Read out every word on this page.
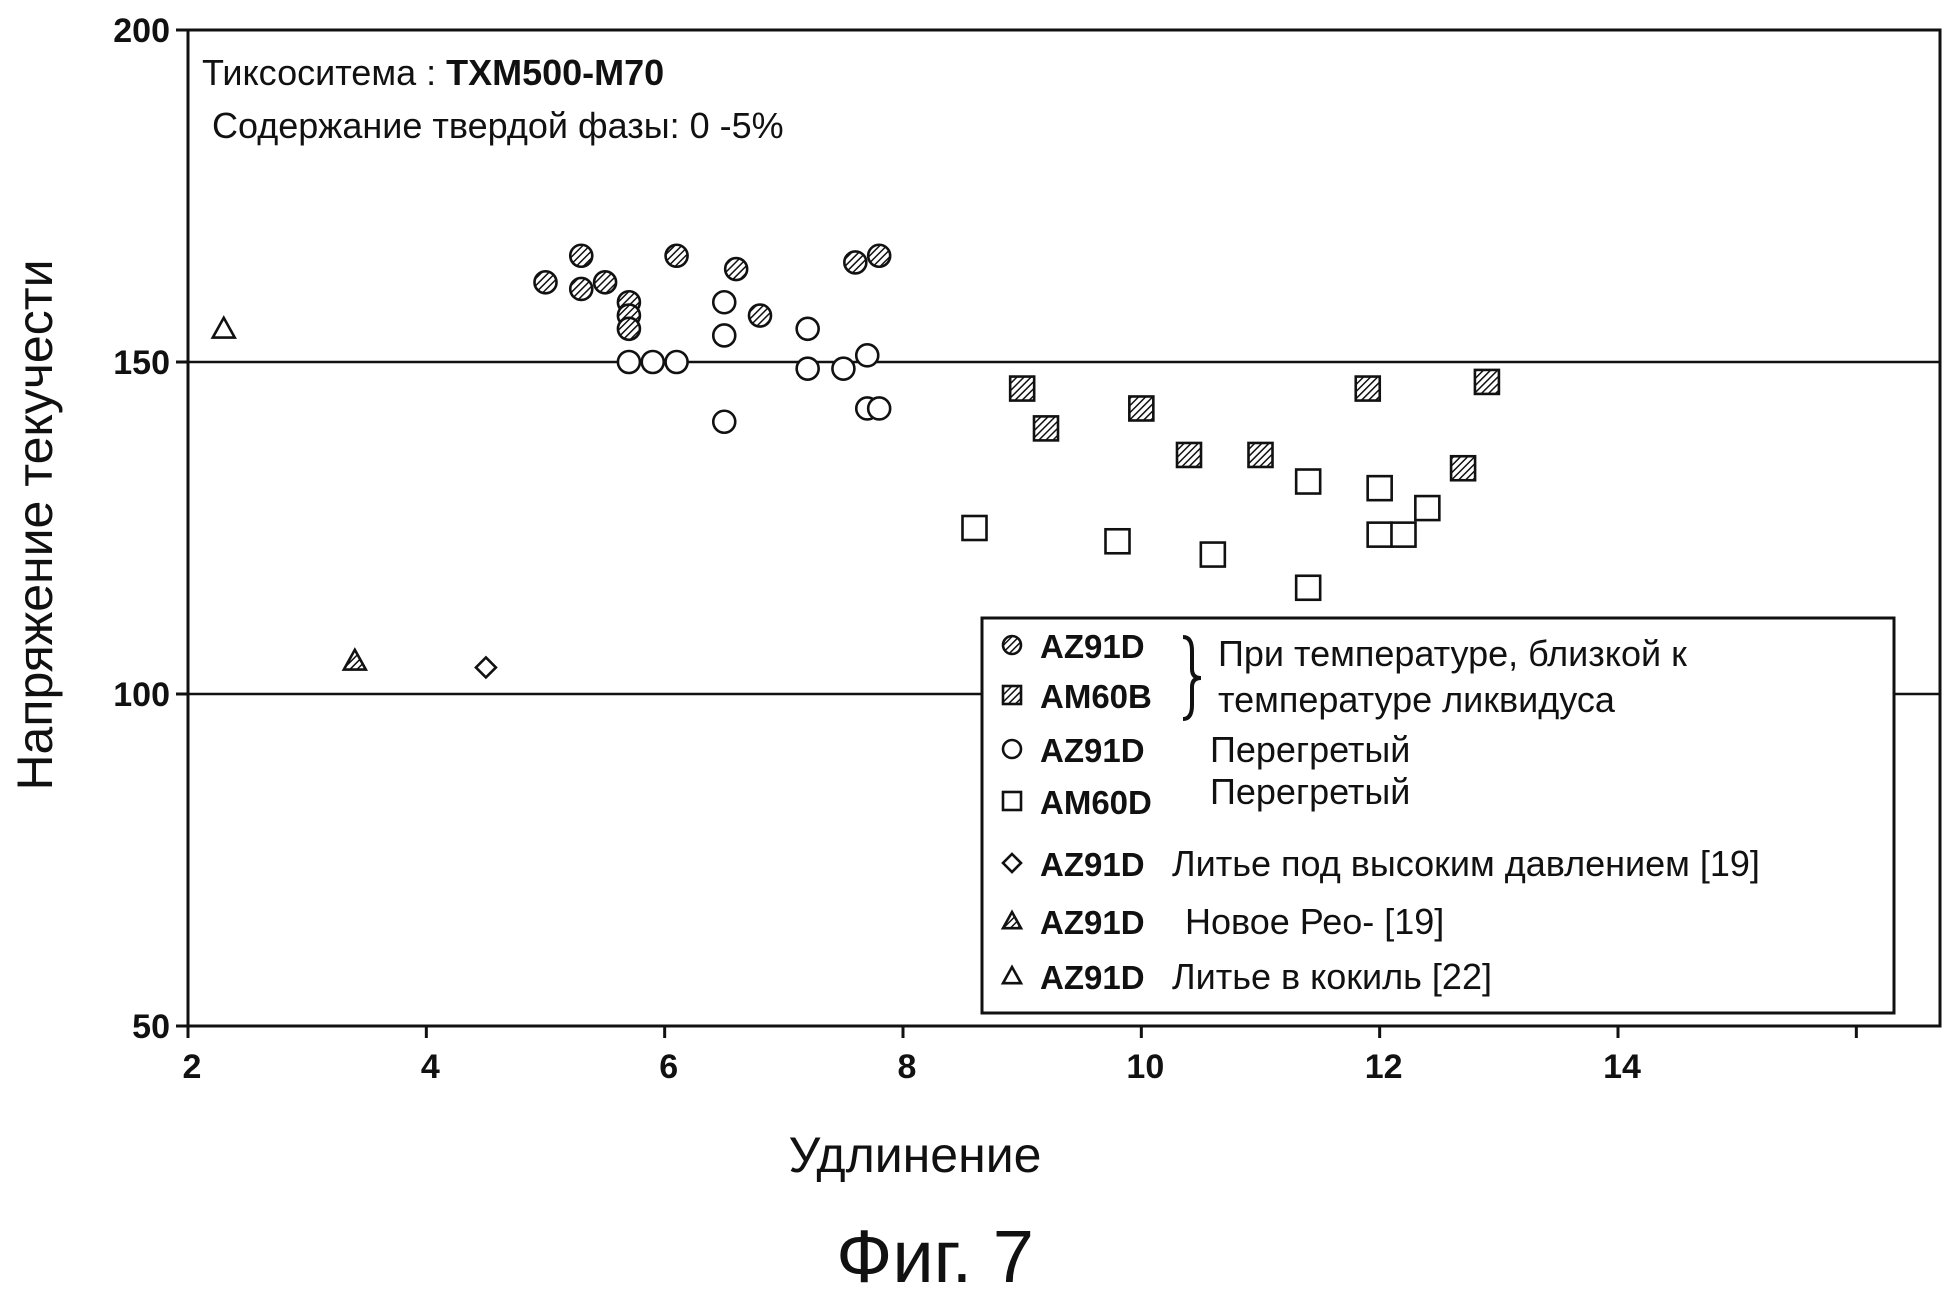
2	4	6	8	10	12	14
50
100
150
200
Тиксоситема : TXM500-M70
Содержание твердой фазы: 0 -5%
AZ91D
AM60B
AZ91D Перегретый
AM60D Перегретый
AZ91D Литье под высоким давлением [19]
AZ91D Новое Рео- [19]
AZ91D Литье в кокиль [22]
При температуре, близкой к
температуре ликвидуса
Напряжение текучести
Удлинение
Фиг. 7
